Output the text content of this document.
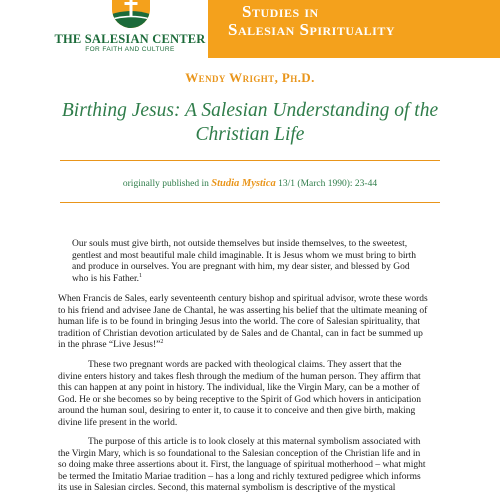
THE SALESIAN CENTER
FOR FAITH AND CULTURE
Studies in
Salesian Spirituality
Wendy Wright, Ph.D.
Birthing Jesus: A Salesian Understanding of the Christian Life
originally published in Studia Mystica 13/1 (March 1990): 23-44
Our souls must give birth, not outside themselves but inside themselves, to the sweetest,
gentlest and most beautiful male child imaginable. It is Jesus whom we must bring to birth
and produce in ourselves. You are pregnant with him, my dear sister, and blessed by God
who is his Father.$^1$
When Francis de Sales, early seventeenth century bishop and spiritual advisor, wrote these words
to his friend and advisee Jane de Chantal, he was asserting his belief that the ultimate meaning of
human life is to be found in bringing Jesus into the world. The core of Salesian spirituality, that
tradition of Christian devotion articulated by de Sales and de Chantal, can in fact be summed up
in the phrase “Live Jesus!”$^2$
These two pregnant words are packed with theological claims. They assert that the
divine enters history and takes flesh through the medium of the human person. They affirm that
this can happen at any point in history. The individual, like the Virgin Mary, can be a mother of
God. He or she becomes so by being receptive to the Spirit of God which hovers in anticipation
around the human soul, desiring to enter it, to cause it to conceive and then give birth, making
divine life present in the world.
The purpose of this article is to look closely at this maternal symbolism associated with
the Virgin Mary, which is so foundational to the Salesian conception of the Christian life and in
so doing make three assertions about it. First, the language of spiritual motherhood – what might
be termed the Imitatio Mariae tradition – has a long and richly textured pedigree which informs
its use in Salesian circles. Second, this maternal symbolism is descriptive of the mystical
